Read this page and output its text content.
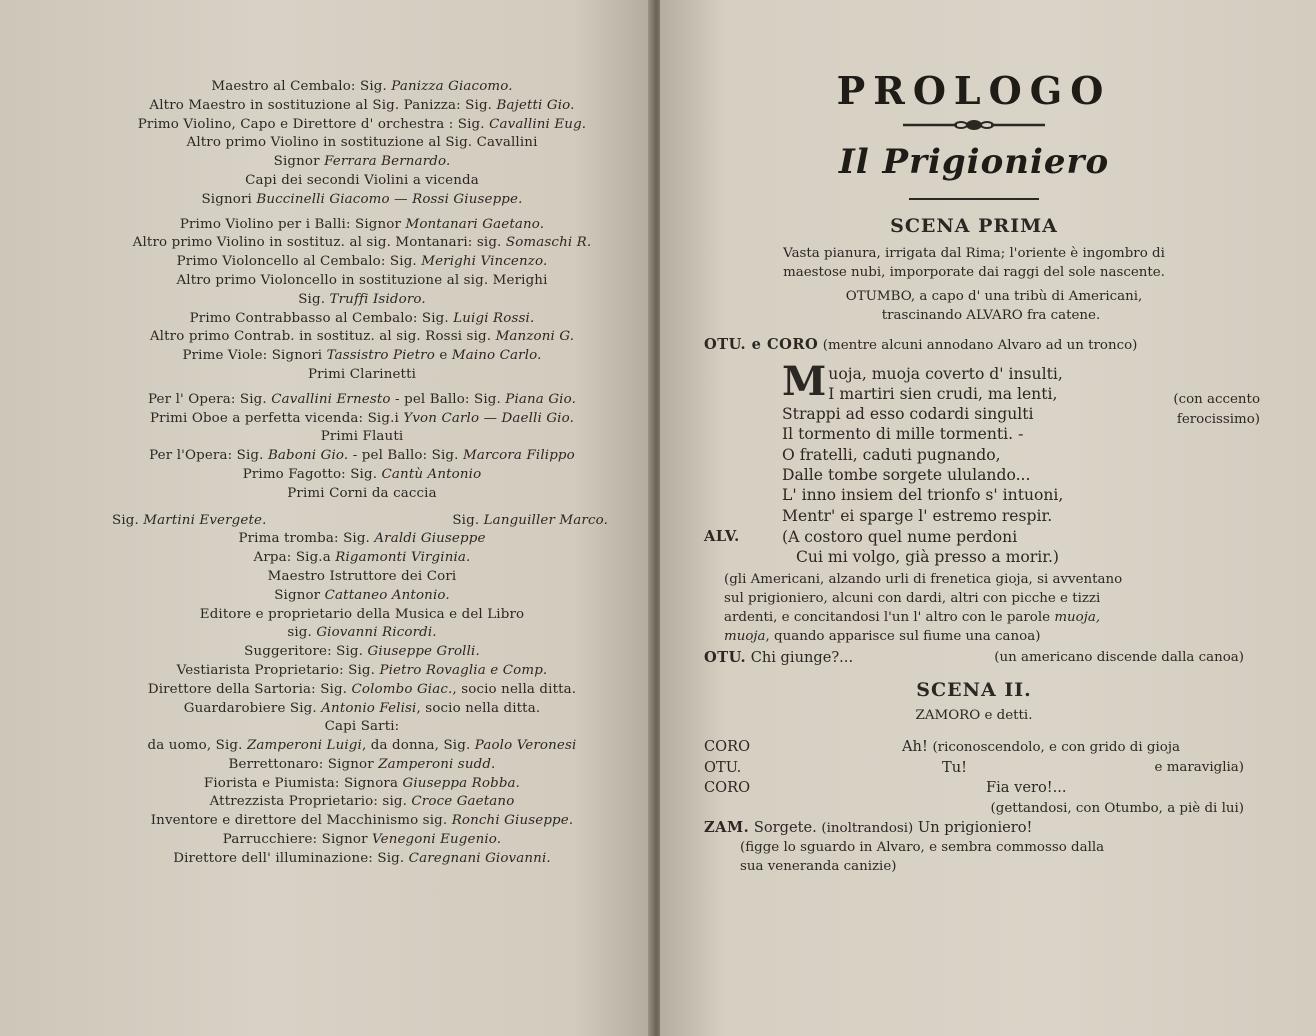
Maestro al Cembalo: Sig. Panizza Giacomo.
Altro Maestro in sostituzione al Sig. Panizza: Sig. Bajetti Gio.
Primo Violino, Capo e Direttore d' orchestra : Sig. Cavallini Eug.
Altro primo Violino in sostituzione al Sig. Cavallini
Signor Ferrara Bernardo.
Capi dei secondi Violini a vicenda
Signori Buccinelli Giacomo — Rossi Giuseppe.
Primo Violino per i Balli: Signor Montanari Gaetano.
Altro primo Violino in sostituz. al sig. Montanari: sig. Somaschi R.
Primo Violoncello al Cembalo: Sig. Merighi Vincenzo.
Altro primo Violoncello in sostituzione al sig. Merighi
Sig. Truffi Isidoro.
Primo Contrabbasso al Cembalo: Sig. Luigi Rossi.
Altro primo Contrab. in sostituz. al sig. Rossi sig. Manzoni G.
Prime Viole: Signori Tassistro Pietro e Maino Carlo.
Primi Clarinetti
Per l' Opera: Sig. Cavallini Ernesto - pel Ballo: Sig. Piana Gio.
Primi Oboe a perfetta vicenda: Sig.i Yvon Carlo — Daelli Gio.
Primi Flauti
Per l'Opera: Sig. Baboni Gio. - pel Ballo: Sig. Marcora Filippo
Primo Fagotto: Sig. Cantù Antonio
Primi Corni da caccia
Sig. Martini Evergete.	Sig. Languiller Marco.
Prima tromba: Sig. Araldi Giuseppe
Arpa: Sig.a Rigamonti Virginia.
Maestro Istruttore dei Cori
Signor Cattaneo Antonio.
Editore e proprietario della Musica e del Libro
sig. Giovanni Ricordi.
Suggeritore: Sig. Giuseppe Grolli.
Vestiarista Proprietario: Sig. Pietro Rovaglia e Comp.
Direttore della Sartoria: Sig. Colombo Giac., socio nella ditta.
Guardarobiere Sig. Antonio Felisi, socio nella ditta.
Capi Sarti:
da uomo, Sig. Zamperoni Luigi, da donna, Sig. Paolo Veronesi
Berrettonaro: Signor Zamperoni sudd.
Fiorista e Piumista: Signora Giuseppa Robba.
Attrezzista Proprietario: sig. Croce Gaetano
Inventore e direttore del Macchinismo sig. Ronchi Giuseppe.
Parrucchiere: Signor Venegoni Eugenio.
Direttore dell' illuminazione: Sig. Caregnani Giovanni.
PROLOGO
Il Prigioniero
SCENA PRIMA
Vasta pianura, irrigata dal Rima; l'oriente è ingombro di
maestose nubi, imporporate dai raggi del sole nascente.
OTUMBO, a capo d' una tribù di Americani,
trascinando ALVARO fra catene.
OTU. e CORO (mentre alcuni annodano Alvaro ad un tronco)
M uoja, muoja coverto d' insulti,
I martiri sien crudi, ma lenti,
Strappi ad esso codardi singulti
Il tormento di mille tormenti. -
O fratelli, caduti pugnando,
Dalle tombe sorgete ululando...
L' inno insiem del trionfo s' intuoni,
Mentr' ei sparge l' estremo respir.
(con accento
ferocissimo)
ALV.	(A costoro quel nume perdoni
Cui mi volgo, già presso a morir.)
(gli Americani, alzando urli di frenetica gioja, si avventano
sul prigioniero, alcuni con dardi, altri con picche e tizzi
ardenti, e concitandosi l'un l' altro con le parole muoja,
muoja, quando apparisce sul fiume una canoa)
OTU. Chi giunge?...	(un americano discende dalla canoa)
SCENA II.
ZAMORO e detti.
CORO	Ah! (riconoscendolo, e con grido di gioja
OTU.	Tu!	e maraviglia)
CORO	Fia vero!...
(gettandosi, con Otumbo, a piè di lui)
ZAM. Sorgete. (inoltrandosi) Un prigioniero!
(figge lo sguardo in Alvaro, e sembra commosso dalla
sua veneranda canizie)
